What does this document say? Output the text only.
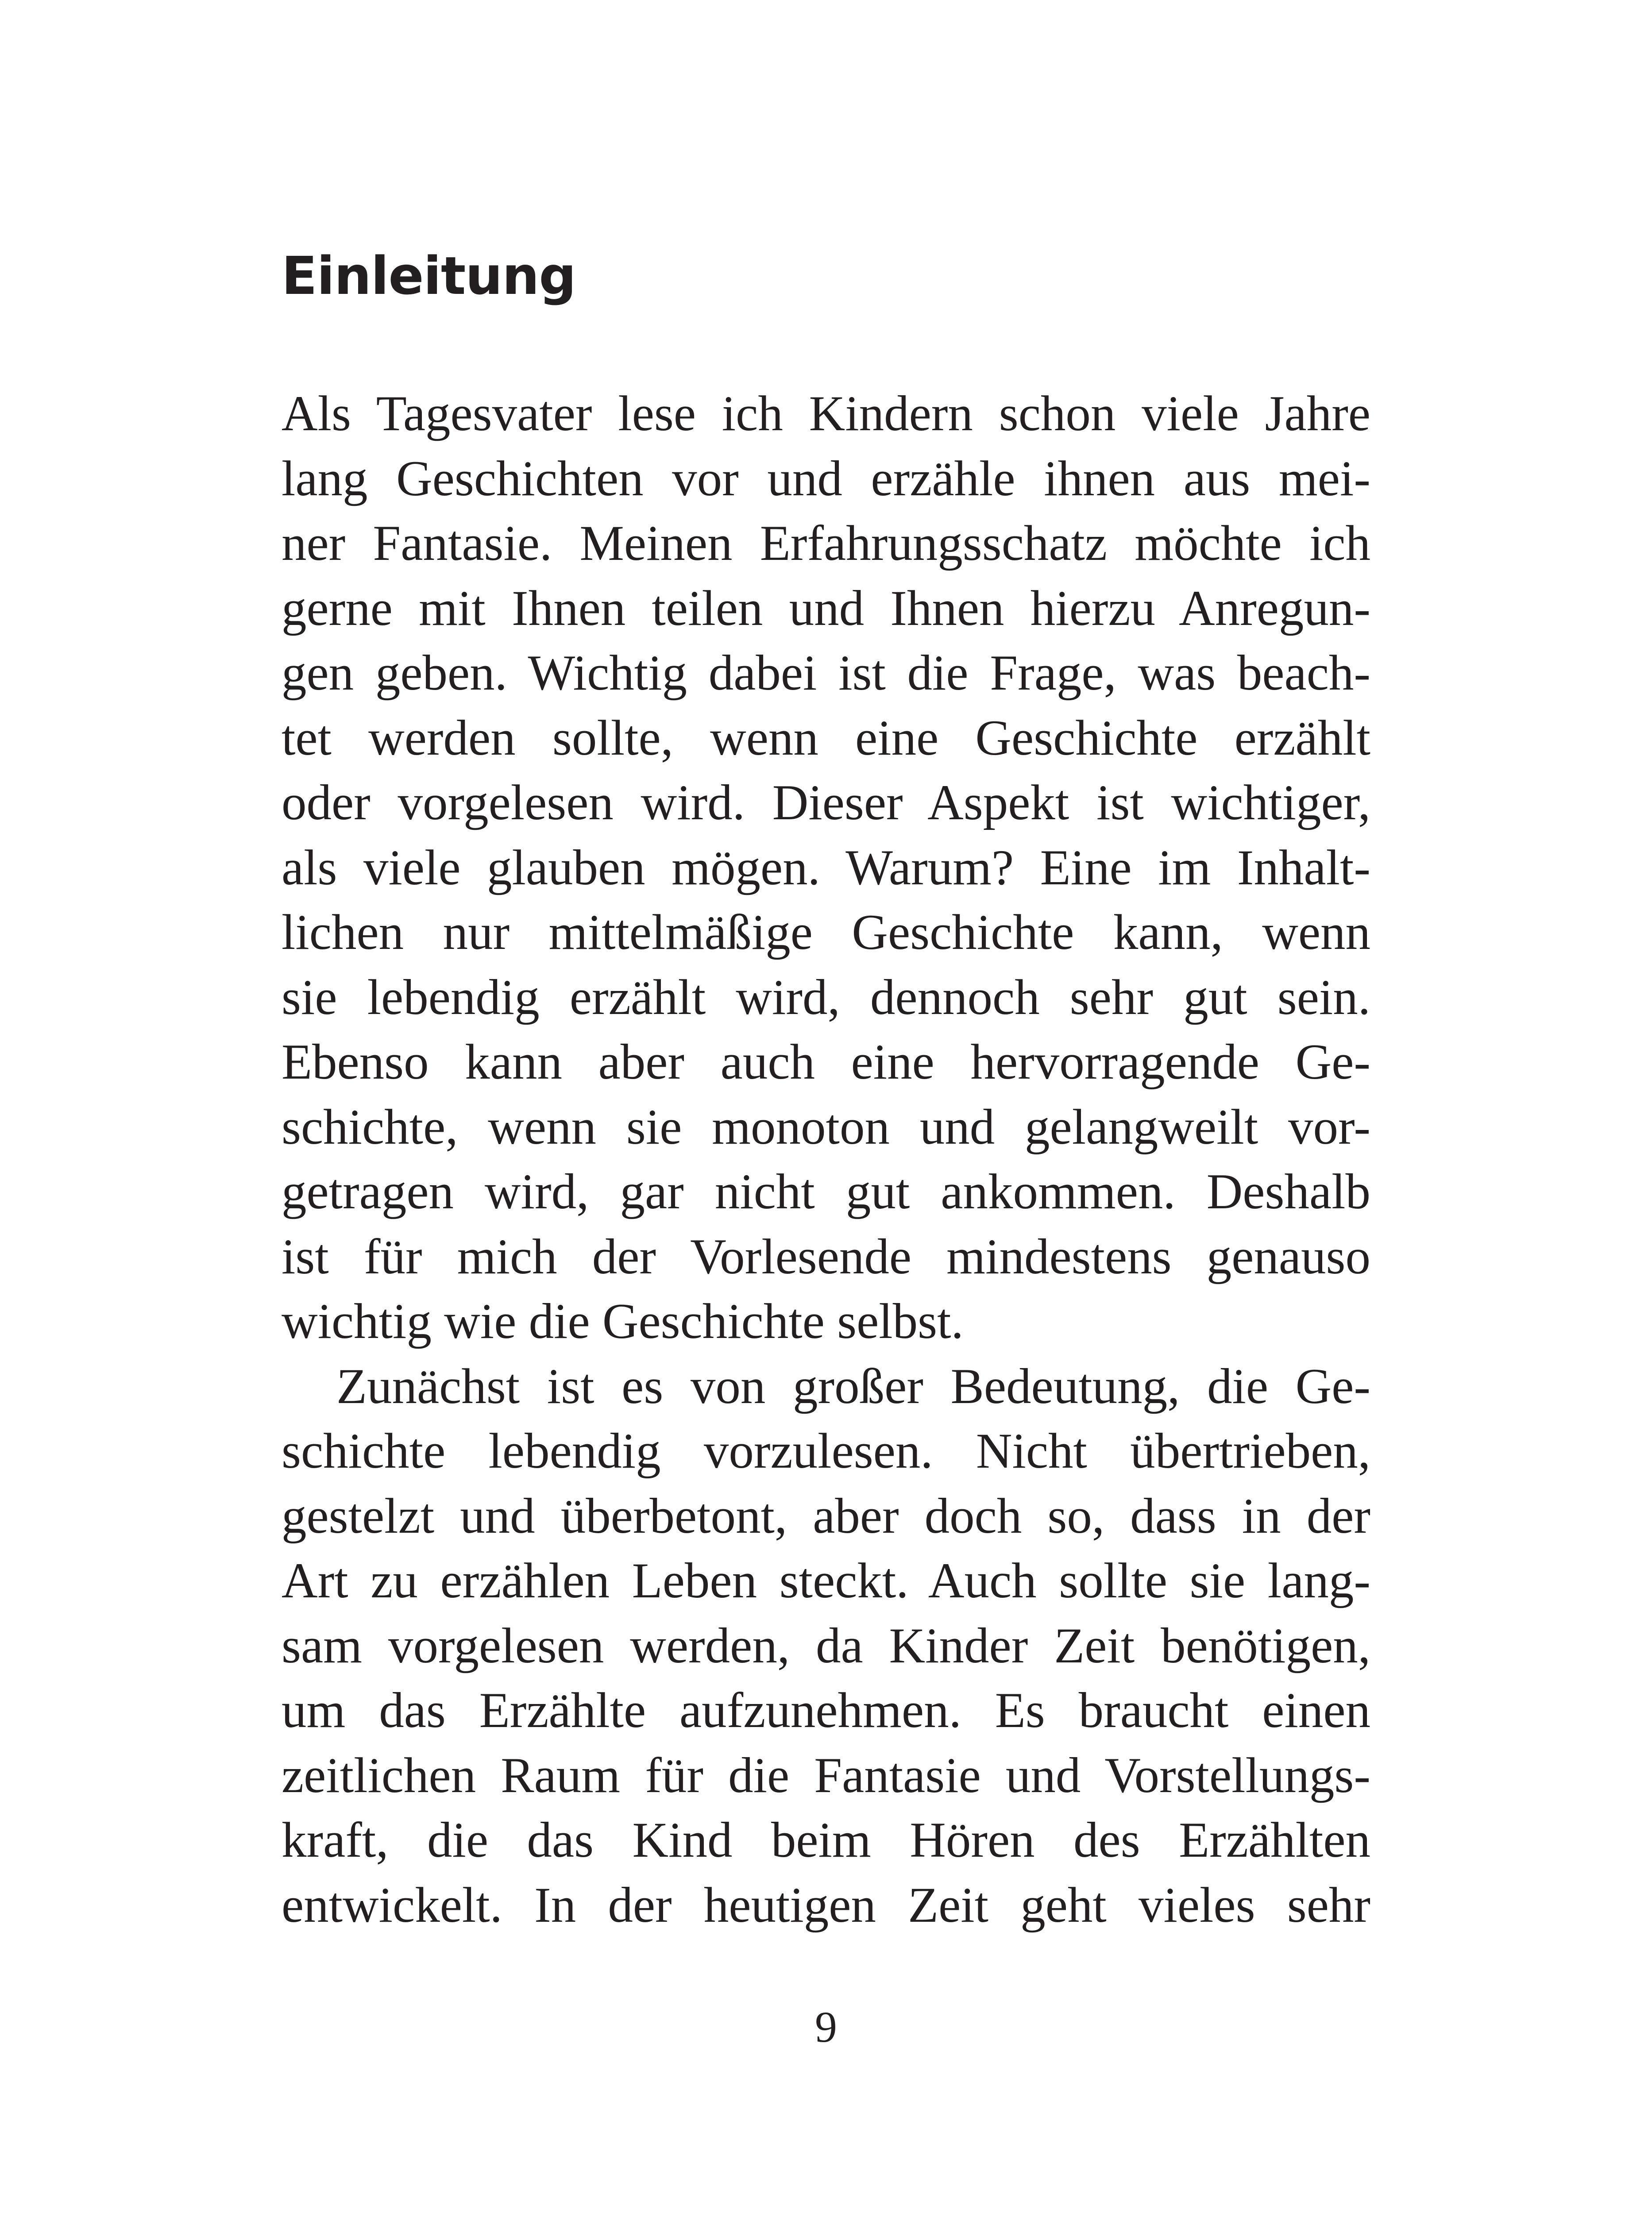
Einleitung
Als Tagesvater lese ich Kindern schon viele Jahre
lang Geschichten vor und erzähle ihnen aus mei-
ner Fantasie. Meinen Erfahrungsschatz möchte ich
gerne mit Ihnen teilen und Ihnen hierzu Anregun-
gen geben. Wichtig dabei ist die Frage, was beach-
tet werden sollte, wenn eine Geschichte erzählt
oder vorgelesen wird. Dieser Aspekt ist wichtiger,
als viele glauben mögen. Warum? Eine im Inhalt-
lichen nur mittelmäßige Geschichte kann, wenn
sie lebendig erzählt wird, dennoch sehr gut sein.
Ebenso kann aber auch eine hervorragende Ge-
schichte, wenn sie monoton und gelangweilt vor-
getragen wird, gar nicht gut ankommen. Deshalb
ist für mich der Vorlesende mindestens genauso
wichtig wie die Geschichte selbst.
Zunächst ist es von großer Bedeutung, die Ge-
schichte lebendig vorzulesen. Nicht übertrieben,
gestelzt und überbetont, aber doch so, dass in der
Art zu erzählen Leben steckt. Auch sollte sie lang-
sam vorgelesen werden, da Kinder Zeit benötigen,
um das Erzählte aufzunehmen. Es braucht einen
zeitlichen Raum für die Fantasie und Vorstellungs-
kraft, die das Kind beim Hören des Erzählten
entwickelt. In der heutigen Zeit geht vieles sehr
9
